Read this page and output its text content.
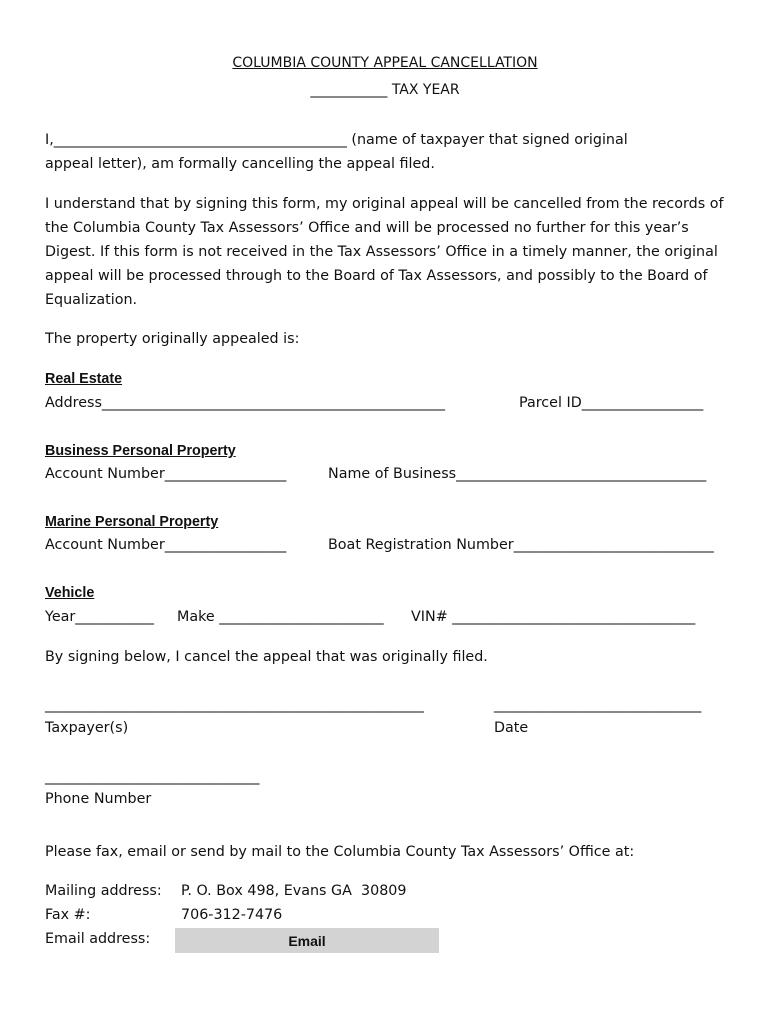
COLUMBIA COUNTY APPEAL CANCELLATION
___________ TAX YEAR
I,_________________________________________ (name of taxpayer that signed original
appeal letter), am formally cancelling the appeal filed.
I understand that by signing this form, my original appeal will be cancelled from the records of the Columbia County Tax Assessors’ Office and will be processed no further for this year’s Digest. If this form is not received in the Tax Assessors’ Office in a timely manner, the original appeal will be processed through to the Board of Tax Assessors, and possibly to the Board of Equalization.
The property originally appealed is:
Real Estate
Address________________________________________________	Parcel ID_________________
Business Personal Property
Account Number_________________	Name of Business___________________________________
Marine Personal Property
Account Number_________________	Boat Registration Number____________________________
Vehicle
Year___________ Make _______________________ VIN# __________________________________
By signing below, I cancel the appeal that was originally filed.
_____________________________________________________	_____________________________
Taxpayer(s)	Date
______________________________
Phone Number
Please fax, email or send by mail to the Columbia County Tax Assessors’ Office at:
Mailing address: P. O. Box 498, Evans GA  30809
Fax #:	706-312-7476
Email address:	Email
